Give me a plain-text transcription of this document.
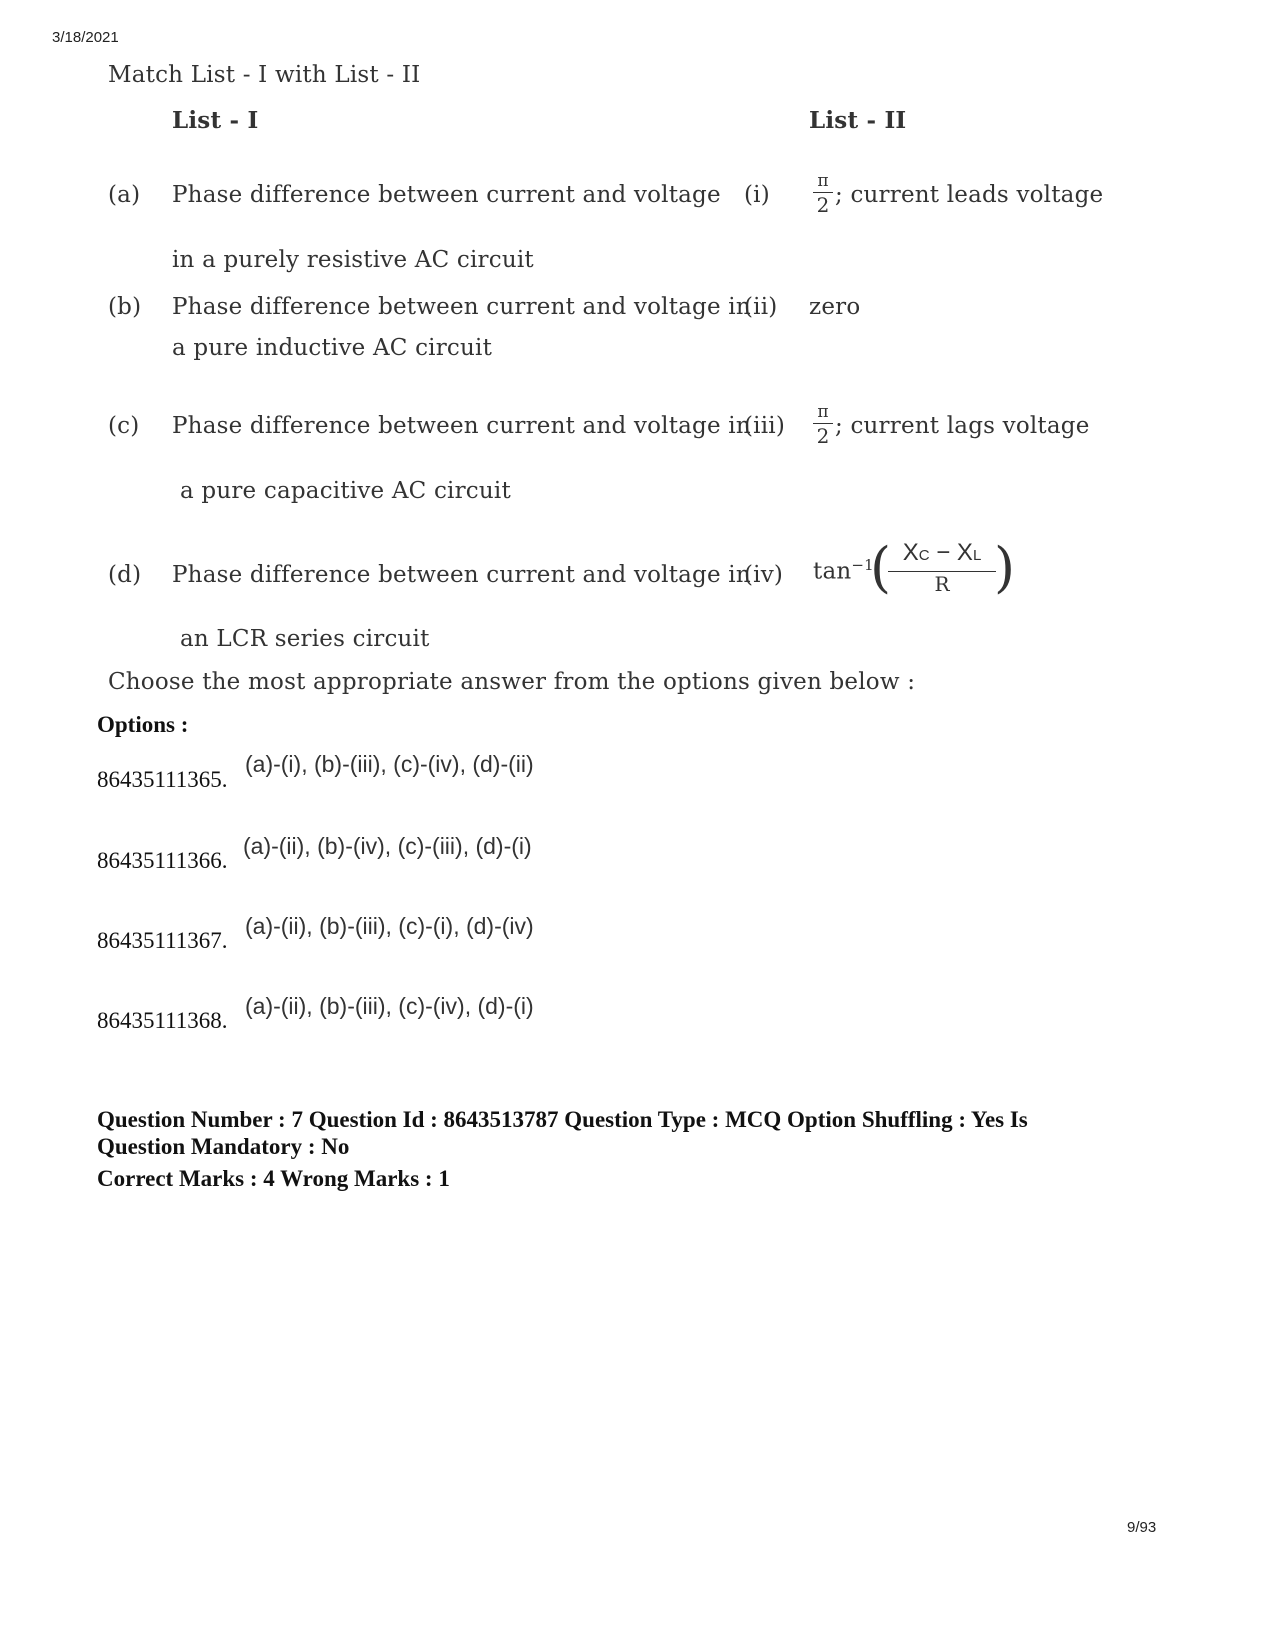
3/18/2021
Match List - I with List - II
List - I	List - II
(a) Phase difference between current and voltage
in a purely resistive AC circuit
(i)
π
2 ; current leads voltage
(b) Phase difference between current and voltage in
a pure inductive AC circuit
(ii) zero
(c) Phase difference between current and voltage in
a pure capacitive AC circuit
(iii)
π
2 ; current lags voltage
(d) Phase difference between current and voltage in
an LCR series circuit
(iv) $\tan^{-1}$
( XC − XL
R )
Choose the most appropriate answer from the options given below :
Options :
86435111365.
(a)-(i), (b)-(iii), (c)-(iv), (d)-(ii)
86435111366.
(a)-(ii), (b)-(iv), (c)-(iii), (d)-(i)
86435111367.
(a)-(ii), (b)-(iii), (c)-(i), (d)-(iv)
86435111368.
(a)-(ii), (b)-(iii), (c)-(iv), (d)-(i)
Question Number : 7 Question Id : 8643513787 Question Type : MCQ Option Shuffling : Yes Is
Question Mandatory : No
Correct Marks : 4 Wrong Marks : 1
9/93
